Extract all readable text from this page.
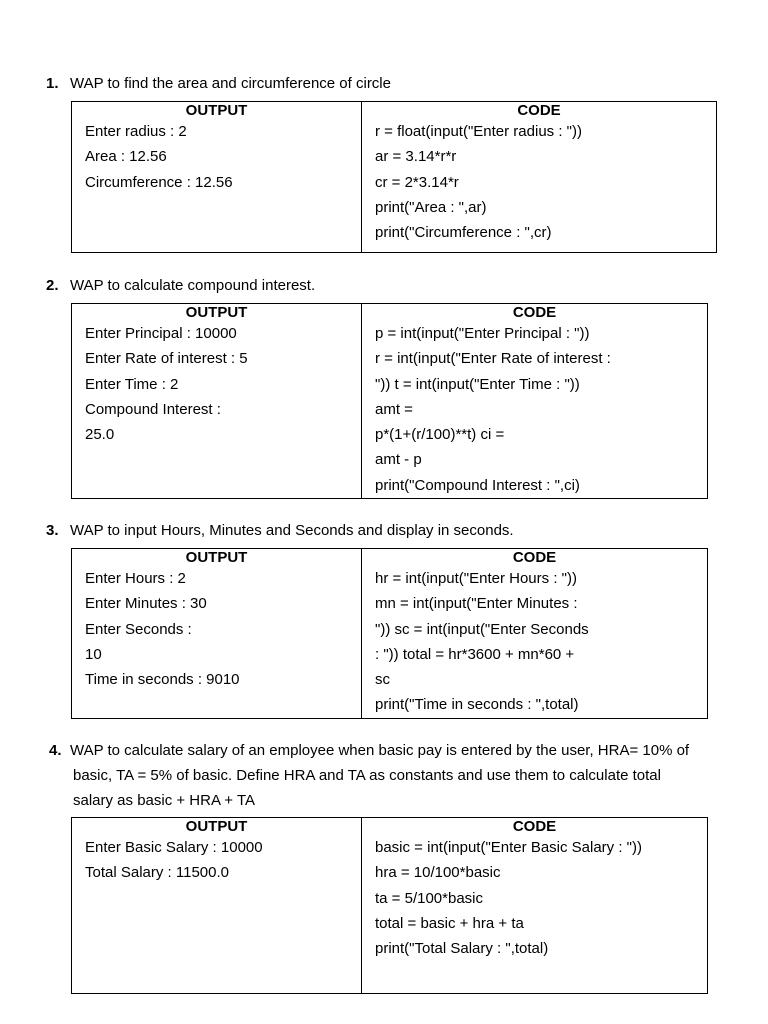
1. WAP to find the area and circumference of circle
OUTPUT
Enter radius : 2
Area : 12.56
Circumference : 12.56

CODE
r = float(input("Enter radius : "))
ar = 3.14*r*r
cr = 2*3.14*r
print("Area : ",ar)
print("Circumference : ",cr)
2. WAP to calculate compound interest.
OUTPUT
Enter Principal : 10000
Enter Rate of interest : 5
Enter Time : 2
Compound Interest :
25.0

CODE
p = int(input("Enter Principal : "))
r = int(input("Enter Rate of interest :
")) t = int(input("Enter Time : "))
amt =
p*(1+(r/100)**t) ci =
amt - p
print("Compound Interest : ",ci)
3. WAP to input Hours, Minutes and Seconds and display in seconds.
OUTPUT
Enter Hours : 2
Enter Minutes : 30
Enter Seconds :
10
Time in seconds : 9010

CODE
hr = int(input("Enter Hours : "))
mn = int(input("Enter Minutes :
")) sc = int(input("Enter Seconds
: ")) total = hr*3600 + mn*60 +
sc
print("Time in seconds : ",total)
4. WAP to calculate salary of an employee when basic pay is entered by the user, HRA= 10% of
basic, TA = 5% of basic. Define HRA and TA as constants and use them to calculate total
salary as basic + HRA + TA
OUTPUT
Enter Basic Salary : 10000
Total Salary : 11500.0

CODE
basic = int(input("Enter Basic Salary : "))
hra = 10/100*basic
ta = 5/100*basic
total = basic + hra + ta
print("Total Salary : ",total)
